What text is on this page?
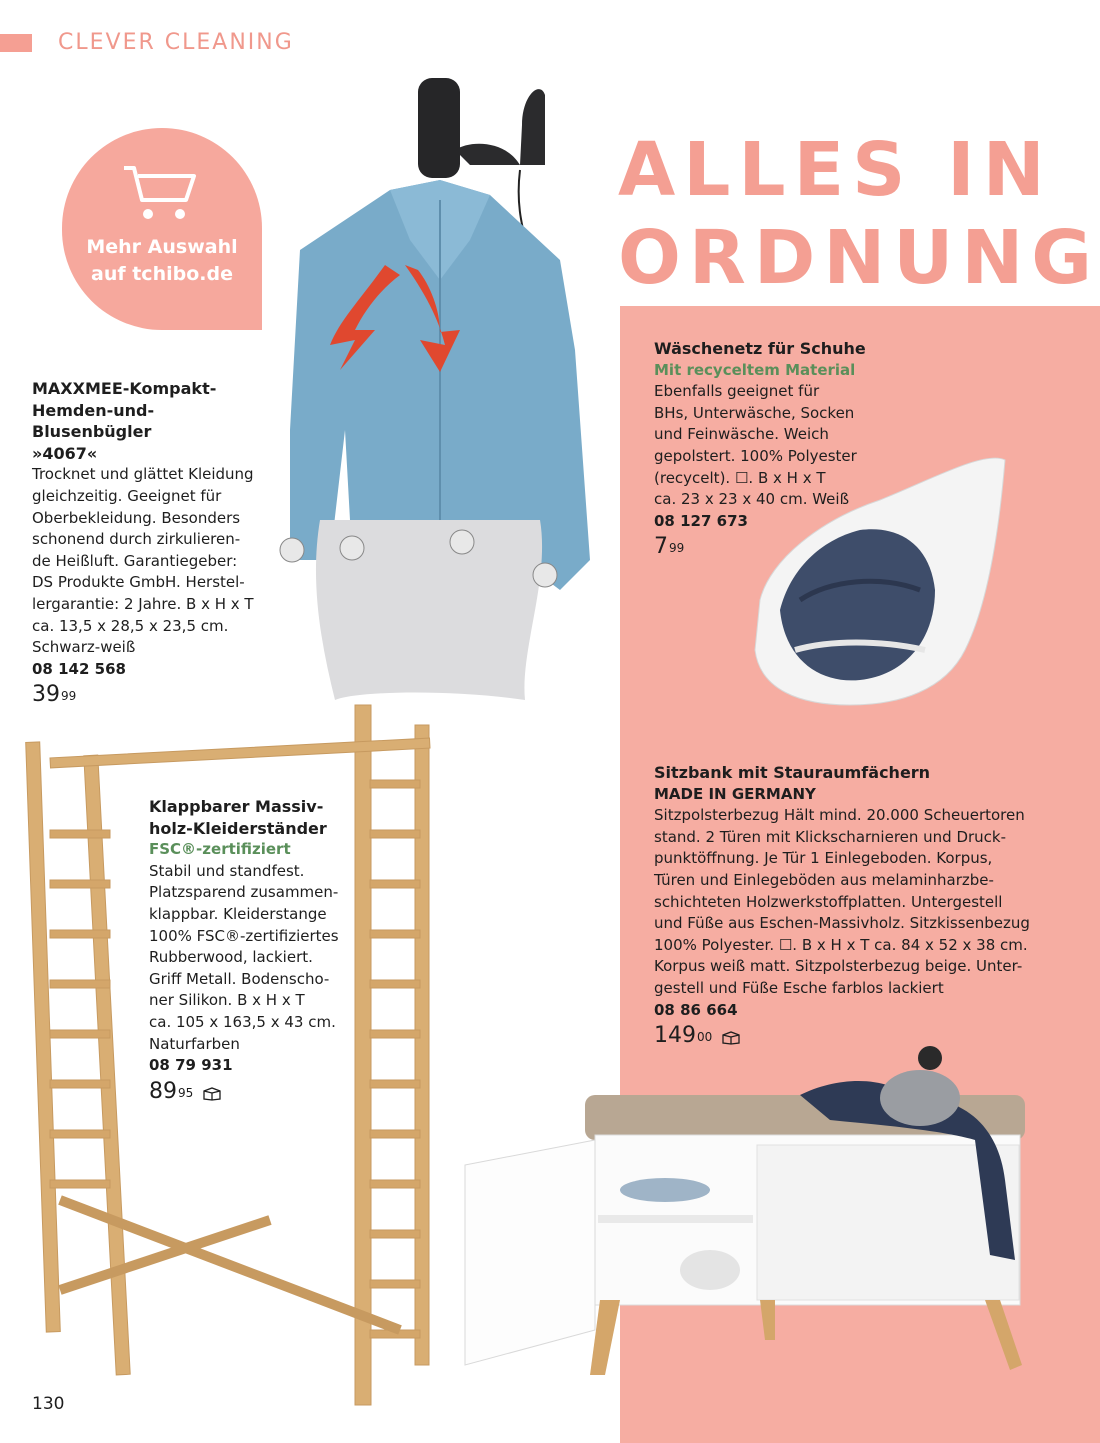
CLEVER CLEANING
ALLES IN
ORDNUNG
Mehr Auswahl
auf tchibo.de
MAXXMEE-Kompakt-
Hemden-und-Blusenbügler
»4067«
Trocknet und glättet Kleidung
gleichzeitig. Geeignet für
Oberbekleidung. Besonders
schonend durch zirkulieren-
de Heißluft. Garantiegeber:
DS Produkte GmbH. Herstel-
lergarantie: 2 Jahre. B x H x T
ca. 13,5 x 28,5 x 23,5 cm.
Schwarz-weiß
08 142 568
39 99
Wäschenetz für Schuhe
Mit recyceltem Material
Ebenfalls geeignet für
BHs, Unterwäsche, Socken
und Feinwäsche. Weich
gepolstert. 100% Polyester
(recycelt). ☐. B x H x T
ca. 23 x 23 x 40 cm. Weiß
08 127 673
7 99
Klappbarer Massiv-
holz-Kleiderständer
FSC®-zertifiziert
Stabil und standfest.
Platzsparend zusammen-
klappbar. Kleiderstange
100% FSC®-zertifiziertes
Rubberwood, lackiert.
Griff Metall. Bodenscho-
ner Silikon. B x H x T
ca. 105 x 163,5 x 43 cm.
Naturfarben
08 79 931
89 95
Sitzbank mit Stauraumfächern
MADE IN GERMANY
Sitzpolsterbezug Hält mind. 20.000 Scheuertoren
stand. 2 Türen mit Klickscharnieren und Druck-
punktöffnung. Je Tür 1 Einlegeboden. Korpus,
Türen und Einlegeböden aus melaminharzbe-
schichteten Holzwerkstoffplatten. Untergestell
und Füße aus Eschen-Massivholz. Sitzkissenbezug
100% Polyester. ☐. B x H x T ca. 84 x 52 x 38 cm.
Korpus weiß matt. Sitzpolsterbezug beige. Unter-
gestell und Füße Esche farblos lackiert
08 86 664
149 00
130
